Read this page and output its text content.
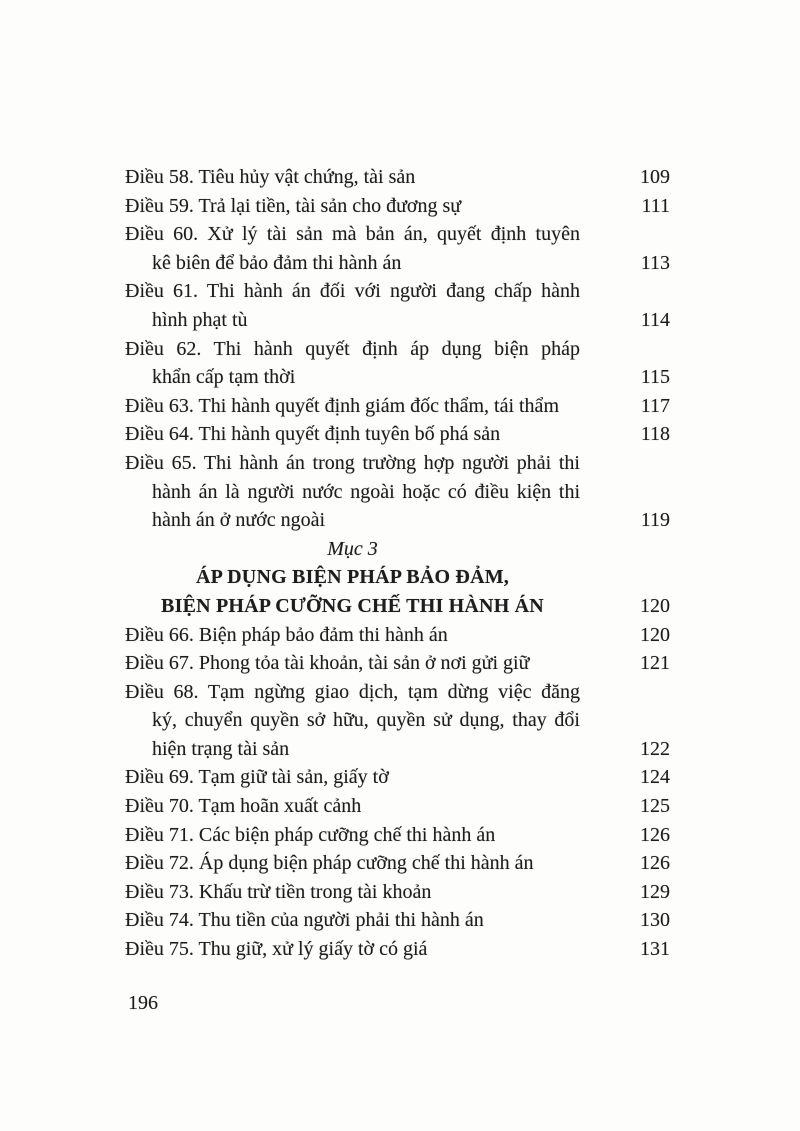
Điều 58. Tiêu hủy vật chứng, tài sản	109
Điều 59. Trả lại tiền, tài sản cho đương sự	111
Điều 60. Xử lý tài sản mà bản án, quyết định tuyên
kê biên để bảo đảm thi hành án	113
Điều 61. Thi hành án đối với người đang chấp hành
hình phạt tù	114
Điều 62. Thi hành quyết định áp dụng biện pháp
khẩn cấp tạm thời	115
Điều 63. Thi hành quyết định giám đốc thẩm, tái thẩm	117
Điều 64. Thi hành quyết định tuyên bố phá sản	118
Điều 65. Thi hành án trong trường hợp người phải thi
hành án là người nước ngoài hoặc có điều kiện thi
hành án ở nước ngoài	119
Mục 3
ÁP DỤNG BIỆN PHÁP BẢO ĐẢM,
BIỆN PHÁP CƯỠNG CHẾ THI HÀNH ÁN	120
Điều 66. Biện pháp bảo đảm thi hành án	120
Điều 67. Phong tỏa tài khoản, tài sản ở nơi gửi giữ	121
Điều 68. Tạm ngừng giao dịch, tạm dừng việc đăng
ký, chuyển quyền sở hữu, quyền sử dụng, thay đổi
hiện trạng tài sản	122
Điều 69. Tạm giữ tài sản, giấy tờ	124
Điều 70. Tạm hoãn xuất cảnh	125
Điều 71. Các biện pháp cưỡng chế thi hành án	126
Điều 72. Áp dụng biện pháp cưỡng chế thi hành án	126
Điều 73. Khấu trừ tiền trong tài khoản	129
Điều 74. Thu tiền của người phải thi hành án	130
Điều 75. Thu giữ, xử lý giấy tờ có giá	131
196
